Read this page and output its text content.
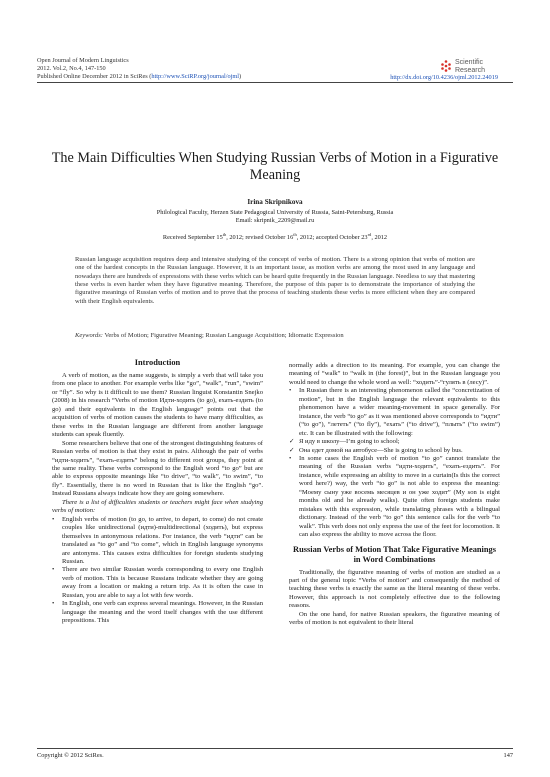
Open Journal of Modern Linguistics
2012. Vol.2, No.4, 147-150
Published Online December 2012 in SciRes (http://www.SciRP.org/journal/ojml)	http://dx.doi.org/10.4236/ojml.2012.24019
Scientific
Research
The Main Difficulties When Studying Russian Verbs of Motion in a Figurative Meaning
Irina Skripnikova
Philological Faculty, Herzen State Pedagogical University of Russia, Saint-Petersburg, Russia
Email: skripnik_2209@mail.ru
Received September 15th, 2012; revised October 16th, 2012; accepted October 23rd, 2012
Russian language acquisition requires deep and intensive studying of the concept of verbs of motion. There is a strong opinion that verbs of motion are one of the hardest concepts in the Russian language. However, it is an important issue, as motion verbs are among the most used in any language and nowadays there are hundreds of expressions with these verbs which can be heard quite frequently in the Russian language. Needless to say that mastering these verbs is even harder when they have figurative meaning. Therefore, the purpose of this paper is to demonstrate the importance of studying the figurative meanings of Russian verbs of motion and to prove that the process of teaching students these verbs is more efficient when they are compared with their English equivalents.
Keywords: Verbs of Motion; Figurative Meaning; Russian Language Acquisition; Idiomatic Expression
Introduction

A verb of motion, as the name suggests, is simply a verb that will take you from one place to another. For example verbs like “go”, “walk”, “run”, “swim” or “fly”. So why is it difficult to use them? Russian linguist Konstantin Snejko (2008) in his research “Verbs of motion Идти-ходить (to go), ехать-ездить (to go) and their equivalents in the English language” points out that the acquisition of verbs of motion causes the students to have many difficulties, as these verbs in the Russian language are different from another language students can speak fluently.

Some researchers believe that one of the strongest distinguishing features of Russian verbs of motion is that they exist in pairs. Although the pair of verbs “идти-ходить”, “ехать-ездить” belong to different root groups, they point at the same reality. These verbs correspond to the English word “to go” but are able to express opposite meanings like “to drive”, “to walk”, “to swim”, “to fly”. Essentially, there is no word in Russian that is like the English “go”. Instead Russians always indicate how they are going somewhere.

There is a list of difficulties students or teachers might face when studying verbs of motion:

• English verbs of motion (to go, to arrive, to depart, to come) do not create couples like unidirectional (идти)-multidirectional (ходить), but express themselves in antonymous relations. For instance, the verb “идти” can be translated as “to go” and “to come”, which in English language synonyms are antonyms. This causes extra difficulties for foreign students studying Russian.
• There are two similar Russian words corresponding to every one English verb of motion. This is because Russians indicate whether they are going away from a location or making a return trip. As it is often the case in Russian, you are able to say a lot with few words.
• In English, one verb can express several meanings. However, in the Russian language the meaning and the word itself changes with the use different prepositions. This

normally adds a direction to its meaning. For example, you can change the meaning of “walk” to “walk in (the forest)”, but in the Russian language you would need to change the whole word as well: “ходить”-“гулять в (лесу)”.

• In Russian there is an interesting phenomenon called the “concretization of motion”, but in the English language the relevant equivalents to this phenomenon have a wider meaning-movement in space generally. For instance, the verb “to go” as it was mentioned above corresponds to “идти” (“to go”), “лететь” (“to fly”), “ехать” (“to drive”), “плыть” (“to swim”) etc. It can be illustrated with the following:
✓ Я иду в школу—I’m going to school;
✓ Она едет домой на автобусе—She is going to school by bus.
• In some cases the English verb of motion “to go” cannot translate the meaning of the Russian verbs “идти-ходить”, “ехать-ездить”. For instance, while expressing an ability to move in a curtain(Is this the correct word here?) way, the verb “to go” is not able to express the meaning: “Моему сыну уже восемь месяцев и он уже ходит” (My son is eight months old and he already walks). Quite often foreign students make mistakes with this expression, while translating phrases with a bilingual dictionary. Instead of the verb “to go” this sentence calls for the verb “to walk”. This verb does not only express the use of the feet for locomotion. It can also express the ability to move across the floor.
Russian Verbs of Motion That Take Figurative Meanings in Word Combinations

Traditionally, the figurative meaning of verbs of motion are studied as a part of the general topic “Verbs of motion” and consequently the method of teaching these verbs is exactly the same as the literal meaning of these verbs. However, this approach is not completely effective due to the following reasons.

On the one hand, for native Russian speakers, the figurative meaning of verbs of motion is not equivalent to their literal

Copyright © 2012 SciRes.	147
